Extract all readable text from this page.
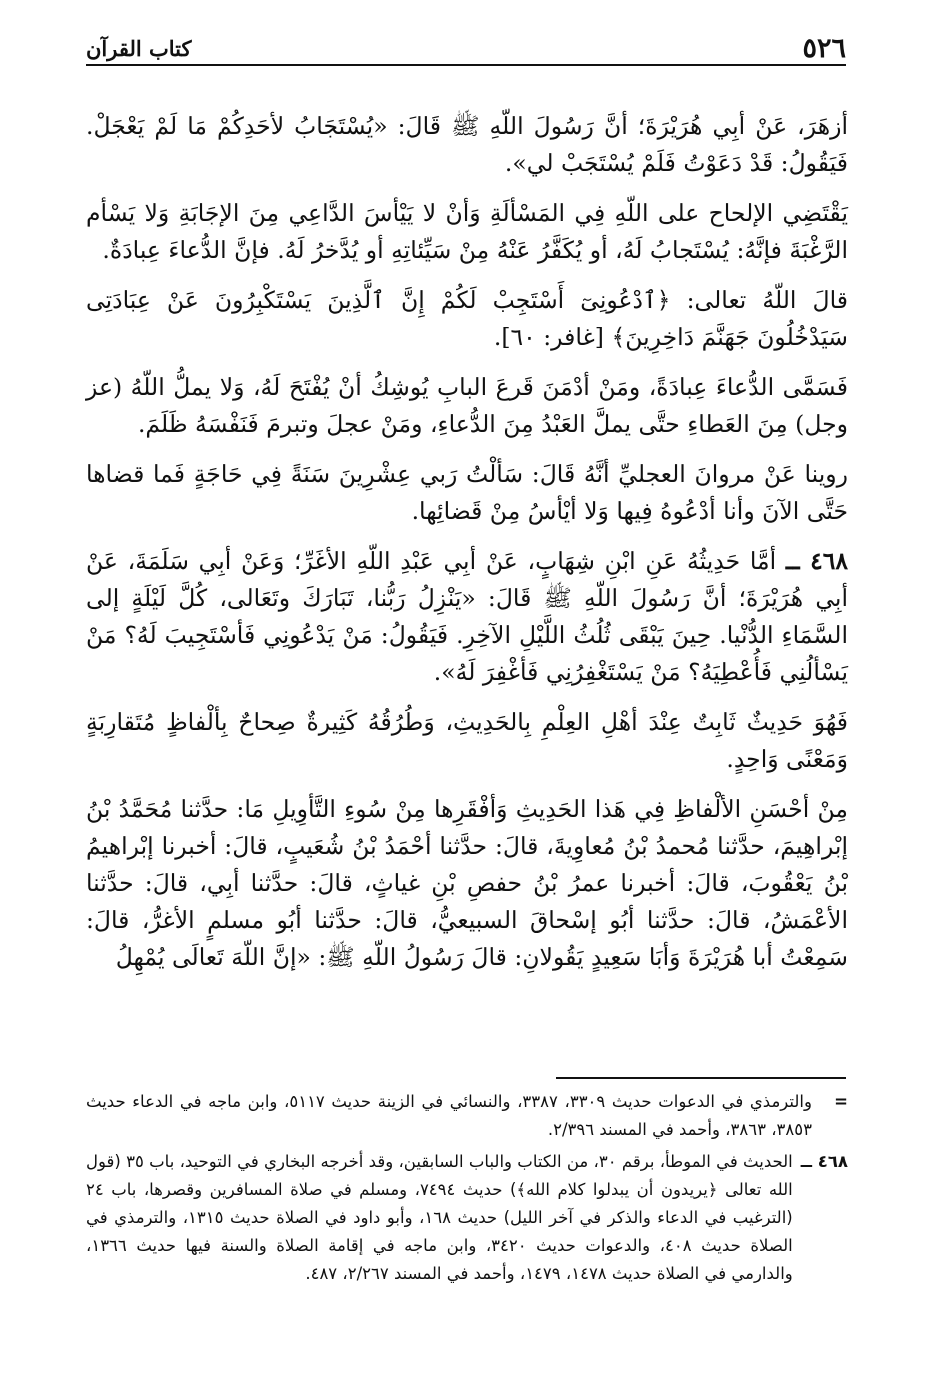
٥٢٦
كتاب القرآن

أزهَرَ، عَنْ أبِي هُرَيْرَةَ؛ أنَّ رَسُولَ اللّهِ ﷺ قَالَ: «يُسْتَجَابُ لأحَدِكُمْ مَا لَمْ يَعْجَلْ. فَيَقُولُ: قَدْ دَعَوْتُ فَلَمْ يُسْتَجَبْ لي».

يَقْتَضِي الإلحاح على اللّهِ فِي المَسْألَةِ وَأنْ لا يَيْأسَ الدَّاعِي مِنَ الإجَابَةِ وَلا يَسْأم الرَّغْبَةَ فإنَّهُ: يُسْتَجابُ لَهُ، أو يُكَفَّرُ عَنْهُ مِنْ سَيِّئاتِهِ أو يُدَّخرُ لَهُ. فإنَّ الدُّعاءَ عِبادَةٌ.

قالَ اللّهُ تعالى: ﴿ٱدْعُونِىٓ أَسْتَجِبْ لَكُمْ إِنَّ ٱلَّذِينَ يَسْتَكْبِرُونَ عَنْ عِبَادَتِى سَيَدْخُلُونَ جَهَنَّمَ دَاخِرِينَ﴾ [غافر: ٦٠].

فَسَمَّى الدُّعاءَ عِبادَةً، ومَنْ أدْمَنَ قَرعَ البابِ يُوشِكُ أنْ يُفْتَحَ لَهُ، وَلا يملُّ اللّهُ (عز وجل) مِنَ العَطاءِ حتَّى يملَّ العَبْدُ مِنَ الدُّعاءِ، ومَنْ عجلَ وتبرمَ فَنَفْسَهُ ظَلَمَ.

روينا عَنْ مروانَ العجليِّ أنَّهُ قَالَ: سَألْتُ رَبي عِشْرِينَ سَنَةً فِي حَاجَةٍ فَما قضاها حَتَّى الآنَ وأنا أدْعُوهُ فِيها وَلا أيْأسُ مِنْ قَضائِها.

٤٦٨ ــ أمَّا حَدِيثُهُ عَنِ ابْنِ شِهَابٍ، عَنْ أبِي عَبْدِ اللّهِ الأغَرِّ؛ وَعَنْ أبِي سَلَمَةَ، عَنْ أبِي هُرَيْرَةَ؛ أنَّ رَسُولَ اللّهِ ﷺ قَالَ: «يَنْزِلُ رَبُّنا، تَبَارَكَ وتَعَالى، كُلَّ لَيْلَةٍ إلى السَّمَاءِ الدُّنْيا. حِينَ يَبْقَى ثُلُثُ اللَّيْلِ الآخِرِ. فَيَقُولُ: مَنْ يَدْعُونِي فَأسْتَجِيبَ لَهُ؟ مَنْ يَسْألُنِي فَأُعْطِيَهُ؟ مَنْ يَسْتَغْفِرُنِي فَأغْفِرَ لَهُ».

فَهُوَ حَدِيثٌ ثَابِتٌ عِنْدَ أهْلِ العِلْمِ بِالحَدِيثِ، وَطُرُقُهُ كَثِيرةٌ صِحاحٌ بِألْفاظٍ مُتَقارِبَةٍ وَمَعْنًى وَاحِدٍ.

مِنْ أحْسَنِ الألْفاظِ فِي هَذا الحَدِيثِ وَأفْقَرِها مِنْ سُوءِ التَّأوِيلِ مَا: حدَّثنا مُحَمَّدُ بْنُ إبْراهِيمَ، حدَّثنا مُحمدُ بْنُ مُعاوِيةَ، قالَ: حدَّثنا أحْمَدُ بْنُ شُعَيبٍ، قالَ: أخبرنا إبْراهيمُ بْنُ يَعْقُوبَ، قالَ: أخبرنا عمرُ بْنُ حفصِ بْنِ غياثٍ، قالَ: حدَّثنا أبِي، قالَ: حدَّثنا الأعْمَشُ، قالَ: حدَّثنا أبُو إسْحاقَ السبيعيُّ، قالَ: حدَّثنا أبُو مسلمٍ الأغرُّ، قالَ: سَمِعْتُ أبا هُرَيْرَةَ وَأبَا سَعِيدٍ يَقُولانِ: قالَ رَسُولُ اللّهِ ﷺ: «إنَّ اللّهَ تَعالَى يُمْهِلُ

=
والترمذي في الدعوات حديث ٣٣٠٩، ٣٣٨٧، والنسائي في الزينة حديث ٥١١٧، وابن ماجه في الدعاء حديث ٣٨٥٣، ٣٨٦٣، وأحمد في المسند ٢/٣٩٦.
٤٦٨ ــ
الحديث في الموطأ، برقم ٣٠، من الكتاب والباب السابقين، وقد أخرجه البخاري في التوحيد، باب ٣٥ (قول الله تعالى ﴿يريدون أن يبدلوا كلام الله﴾) حديث ٧٤٩٤، ومسلم في صلاة المسافرين وقصرها، باب ٢٤ (الترغيب في الدعاء والذكر في آخر الليل) حديث ١٦٨، وأبو داود في الصلاة حديث ١٣١٥، والترمذي في الصلاة حديث ٤٠٨، والدعوات حديث ٣٤٢٠، وابن ماجه في إقامة الصلاة والسنة فيها حديث ١٣٦٦، والدارمي في الصلاة حديث ١٤٧٨، ١٤٧٩، وأحمد في المسند ٢/٢٦٧، ٤٨٧.
